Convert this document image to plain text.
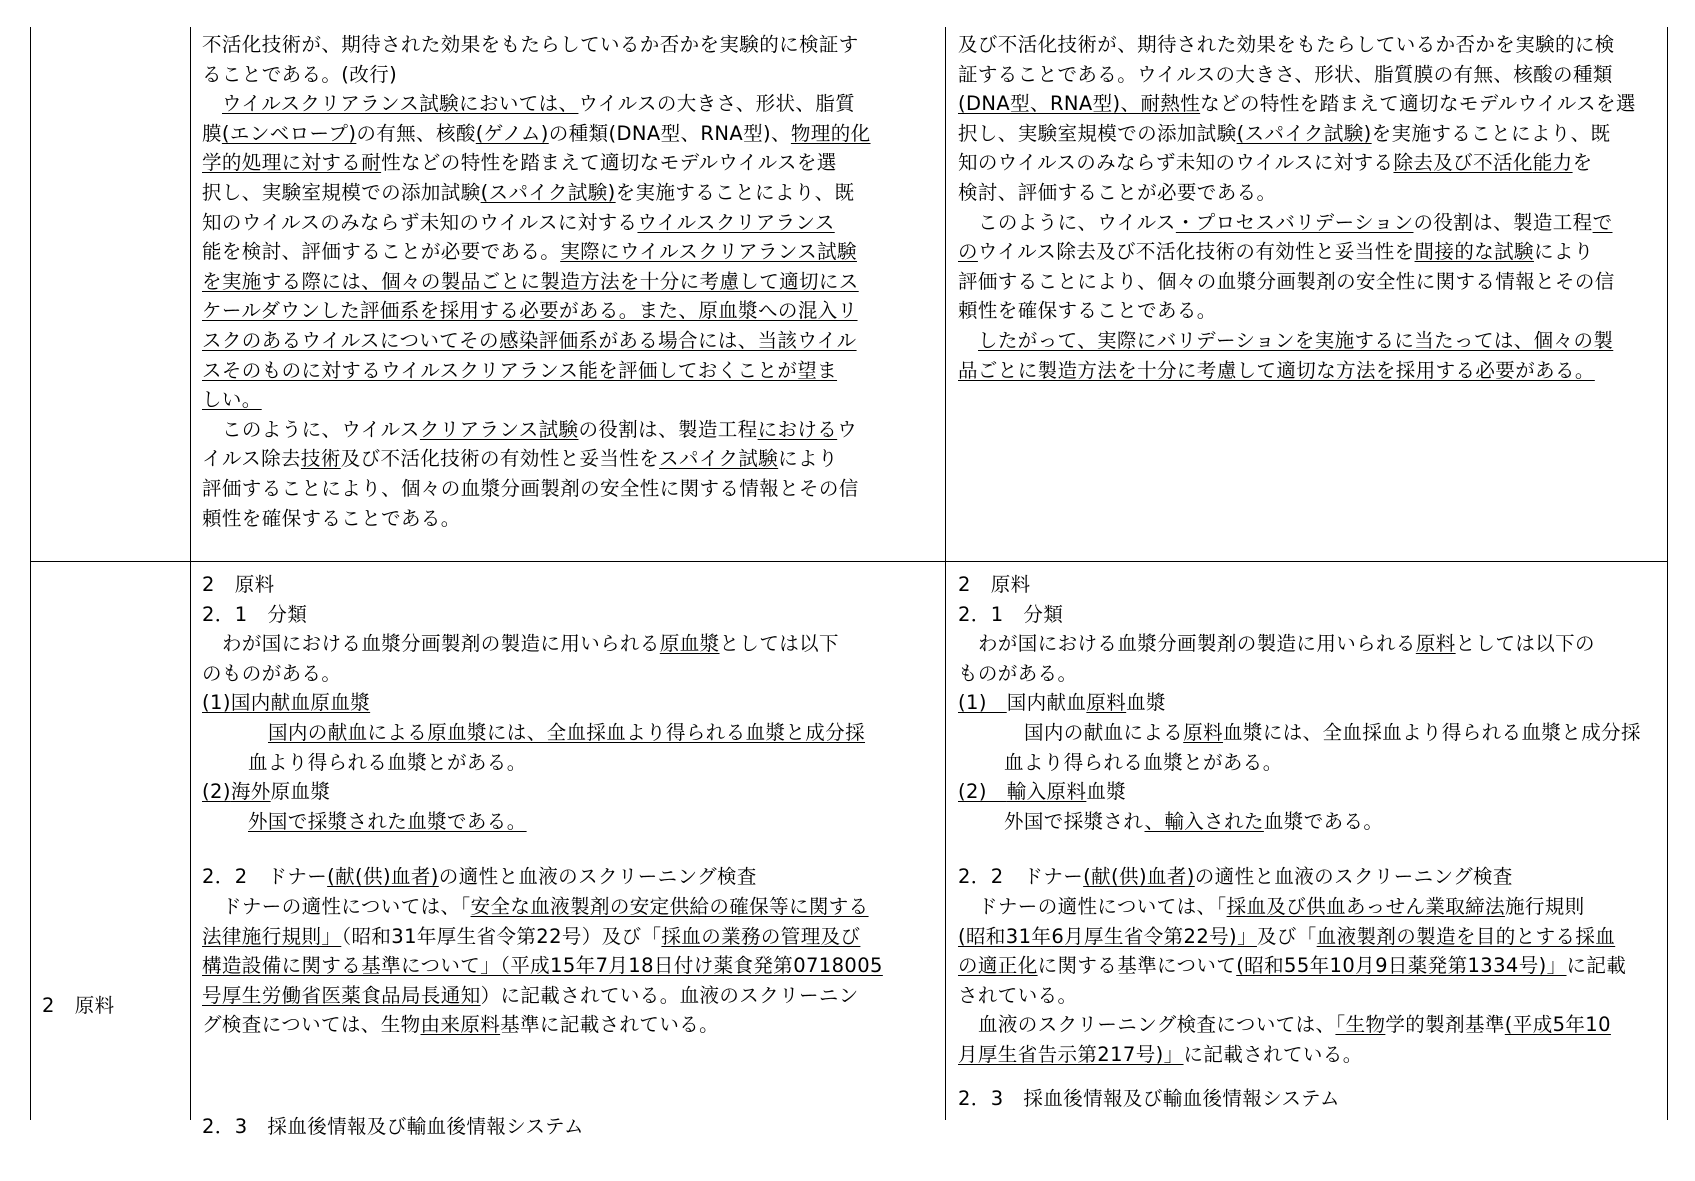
不活化技術が、期待された効果をもたらしているか否かを実験的に検証す

ることである。(改行)

ウイルスクリアランス試験においては、ウイルスの大きさ、形状、脂質

膜(エンベロープ)の有無、核酸(ゲノム)の種類(DNA型、RNA型)、物理的化

学的処理に対する耐性などの特性を踏まえて適切なモデルウイルスを選

択し、実験室規模での添加試験(スパイク試験)を実施することにより、既

知のウイルスのみならず未知のウイルスに対するウイルスクリアランス

能を検討、評価することが必要である。実際にウイルスクリアランス試験

を実施する際には、個々の製品ごとに製造方法を十分に考慮して適切にス

ケールダウンした評価系を採用する必要がある。また、原血漿への混入リ

スクのあるウイルスについてその感染評価系がある場合には、当該ウイル

スそのものに対するウイルスクリアランス能を評価しておくことが望ま

しい。

このように、ウイルスクリアランス試験の役割は、製造工程におけるウ

イルス除去技術及び不活化技術の有効性と妥当性をスパイク試験により

評価することにより、個々の血漿分画製剤の安全性に関する情報とその信

頼性を確保することである。

及び不活化技術が、期待された効果をもたらしているか否かを実験的に検

証することである。ウイルスの大きさ、形状、脂質膜の有無、核酸の種類

(DNA型、RNA型)、耐熱性などの特性を踏まえて適切なモデルウイルスを選

択し、実験室規模での添加試験(スパイク試験)を実施することにより、既

知のウイルスのみならず未知のウイルスに対する除去及び不活化能力を

検討、評価することが必要である。

このように、ウイルス・プロセスバリデーションの役割は、製造工程で

のウイルス除去及び不活化技術の有効性と妥当性を間接的な試験により

評価することにより、個々の血漿分画製剤の安全性に関する情報とその信

頼性を確保することである。

したがって、実際にバリデーションを実施するに当たっては、個々の製

品ごとに製造方法を十分に考慮して適切な方法を採用する必要がある。

2　原料

2　原料

2．1　分類

わが国における血漿分画製剤の製造に用いられる原血漿としては以下

のものがある。

(1)国内献血原血漿

国内の献血による原血漿には、全血採血より得られる血漿と成分採

血より得られる血漿とがある。

(2)海外原血漿

外国で採漿された血漿である。

2．2　ドナー(献(供)血者)の適性と血液のスクリーニング検査

ドナーの適性については、「安全な血液製剤の安定供給の確保等に関する

法律施行規則」（昭和31年厚生省令第22号）及び「採血の業務の管理及び

構造設備に関する基準について」（平成15年7月18日付け薬食発第0718005

号厚生労働省医薬食品局長通知）に記載されている。血液のスクリーニン

グ検査については、生物由来原料基準に記載されている。

2．3　採血後情報及び輸血後情報システム

2　原料

2．1　分類

わが国における血漿分画製剤の製造に用いられる原料としては以下の

ものがある。

(1)　国内献血原料血漿

国内の献血による原料血漿には、全血採血より得られる血漿と成分採

血より得られる血漿とがある。

(2)　輸入原料血漿

外国で採漿され、輸入された血漿である。

2．2　ドナー(献(供)血者)の適性と血液のスクリーニング検査

ドナーの適性については、「採血及び供血あっせん業取締法施行規則

(昭和31年6月厚生省令第22号)」及び「血液製剤の製造を目的とする採血

の適正化に関する基準について(昭和55年10月9日薬発第1334号)」に記載

されている。

血液のスクリーニング検査については、「生物学的製剤基準(平成5年10

月厚生省告示第217号)」に記載されている。

2．3　採血後情報及び輸血後情報システム
